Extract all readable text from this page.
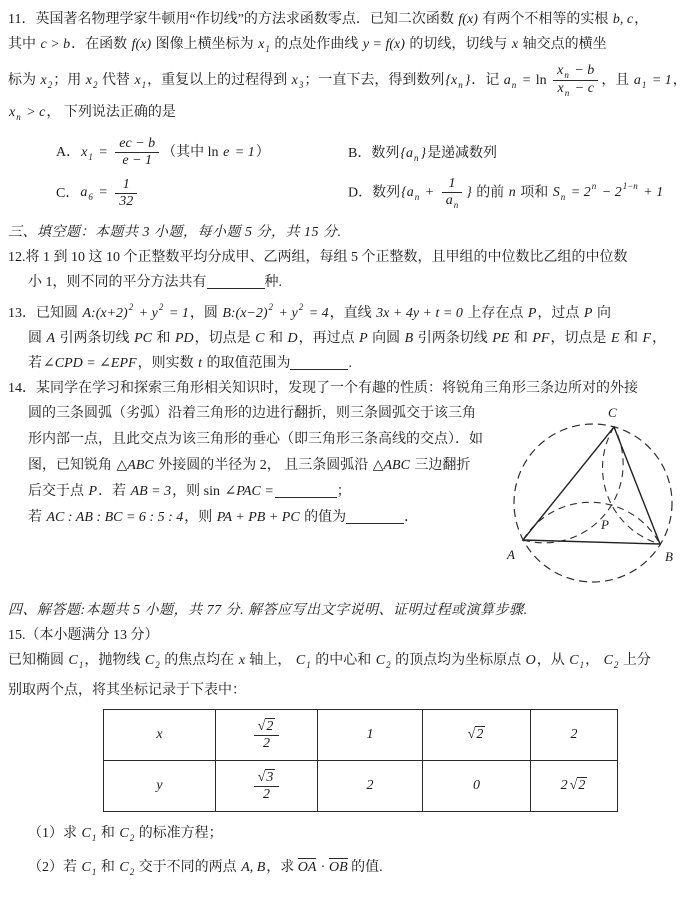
11．英国著名物理学家牛顿用“作切线”的方法求函数零点．已知二次函数 f(x) 有两个不相等的实根 b, c，
其中 c > b．在函数 f(x) 图像上横坐标为 $x_1$ 的点处作曲线 y = f(x) 的切线，切线与 x 轴交点的横坐
标为 $x_2$；用 $x_2$ 代替 $x_1$，重复以上的过程得到 $x_3$；一直下去，得到数列{$x_n$ }．记 $a_n = \ln \frac{x_n - b}{x_n - c}$ ，且 $a_1 = 1$，
$x_n > c$， 下列说法正确的是
A．$x_1 = \frac{ec - b}{e - 1}$ （其中 ln e = 1）	B．数列{$a_n$ }是递减数列
C．$a_6 = \frac{1}{32}$	D．数列{$a_n + \frac{1}{a_n}$ } 的前 n 项和 $S_n = 2^n - 2^{1-n} + 1$
三、填空题：本题共 3 小题，每小题 5 分，共 15 分.
12.将 1 到 10 这 10 个正整数平均分成甲、乙两组，每组 5 个正整数，且甲组的中位数比乙组的中位数
小 1，则不同的平分方法共有	种.
13．已知圆 $A:(x+2)^2 + y^2 = 1$，圆 $B:(x-2)^2 + y^2 = 4$，直线 3x + 4y + t = 0 上存在点 P，过点 P 向
圆 A 引两条切线 PC 和 PD，切点是 C 和 D，再过点 P 向圆 B 引两条切线 PE 和 PF，切点是 E 和 F，
若∠CPD = ∠EPF，则实数 t 的取值范围为	.
14．某同学在学习和探索三角形相关知识时，发现了一个有趣的性质：将锐角三角形三条边所对的外接
圆的三条圆弧（劣弧）沿着三角形的边进行翻折，则三条圆弧交于该三角
形内部一点，且此交点为该三角形的垂心（即三角形三条高线的交点）．如
图，已知锐角 △ABC 外接圆的半径为 2， 且三条圆弧沿 △ABC 三边翻折
后交于点 P．若 AB = 3，则 sin ∠PAC =	；
若 AC : AB : BC = 6 : 5 : 4，则 PA + PB + PC 的值为	．
A	B
C
P
四、解答题:本题共 5 小题，共 77 分. 解答应写出文字说明、证明过程或演算步骤.
15.（本小题满分 13 分）
已知椭圆 $C_1$，抛物线 $C_2$ 的焦点均在 x 轴上， $C_1$ 的中心和 $C_2$ 的顶点均为坐标原点 O，从 $C_1$， $C_2$ 上分
别取两个点，将其坐标记录于下表中：
x	$\frac{√2}{2}$	1	√2	2
y	$\frac{√3}{2}$	2	0	2 √2
（1）求 $C_1$ 和 $C_2$ 的标准方程；
（2）若 $C_1$ 和 $C_2$ 交于不同的两点 A, B，求 OA · OB 的值.
